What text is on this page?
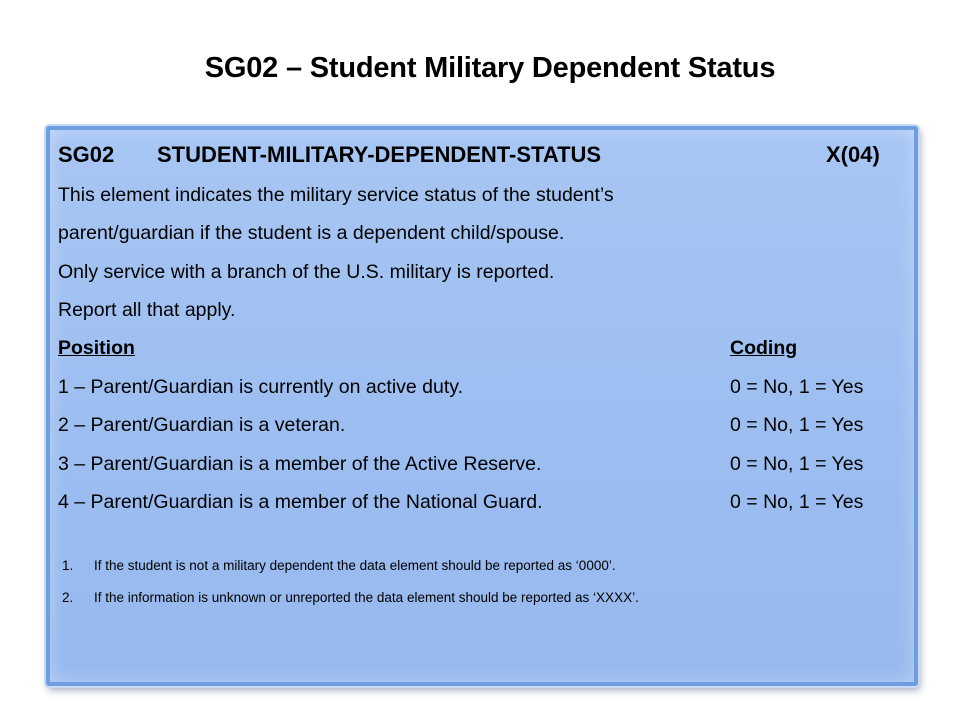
SG02 – Student Military Dependent Status
SG02 STUDENT-MILITARY-DEPENDENT-STATUS	X(04)
This element indicates the military service status of the student’s
parent/guardian if the student is a dependent child/spouse.
Only service with a branch of the U.S. military is reported.
Report all that apply.
Position	Coding
1 – Parent/Guardian is currently on active duty.	0 = No, 1 = Yes
2 – Parent/Guardian is a veteran.	0 = No, 1 = Yes
3 – Parent/Guardian is a member of the Active Reserve.	0 = No, 1 = Yes
4 – Parent/Guardian is a member of the National Guard.	0 = No, 1 = Yes
1. If the student is not a military dependent the data element should be reported as ‘0000’.
2. If the information is unknown or unreported the data element should be reported as ‘XXXX’.
